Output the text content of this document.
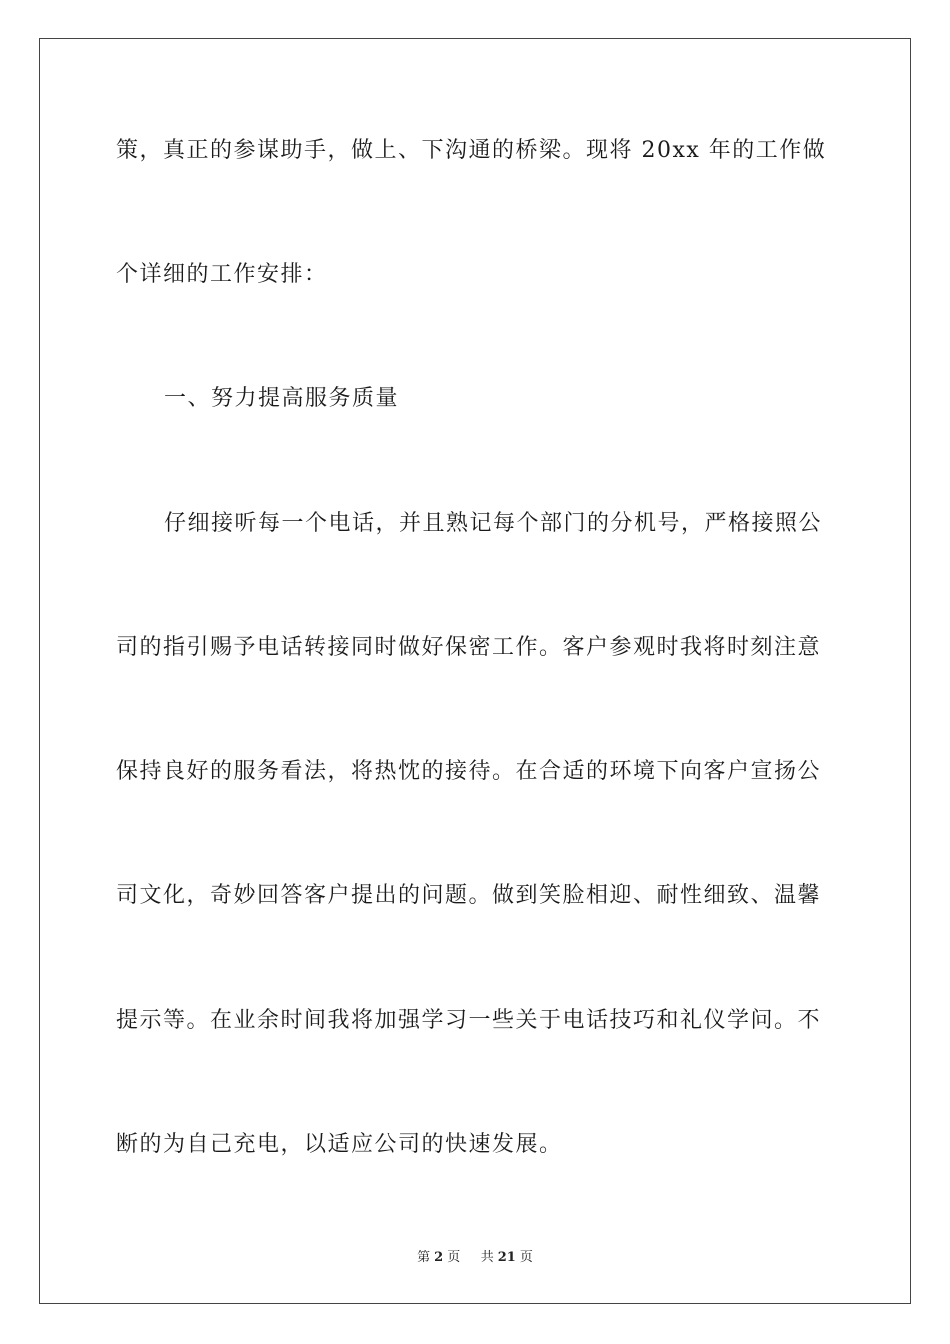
策，真正的参谋助手，做上、下沟通的桥梁。现将 20xx 年的工作做
个详细的工作安排：
一、努力提高服务质量
仔细接听每一个电话，并且熟记每个部门的分机号，严格接照公
司的指引赐予电话转接同时做好保密工作。客户参观时我将时刻注意
保持良好的服务看法，将热忱的接待。在合适的环境下向客户宣扬公
司文化，奇妙回答客户提出的问题。做到笑脸相迎、耐性细致、温馨
提示等。在业余时间我将加强学习一些关于电话技巧和礼仪学问。不
断的为自己充电，以适应公司的快速发展。
第 2 页 共 21 页
